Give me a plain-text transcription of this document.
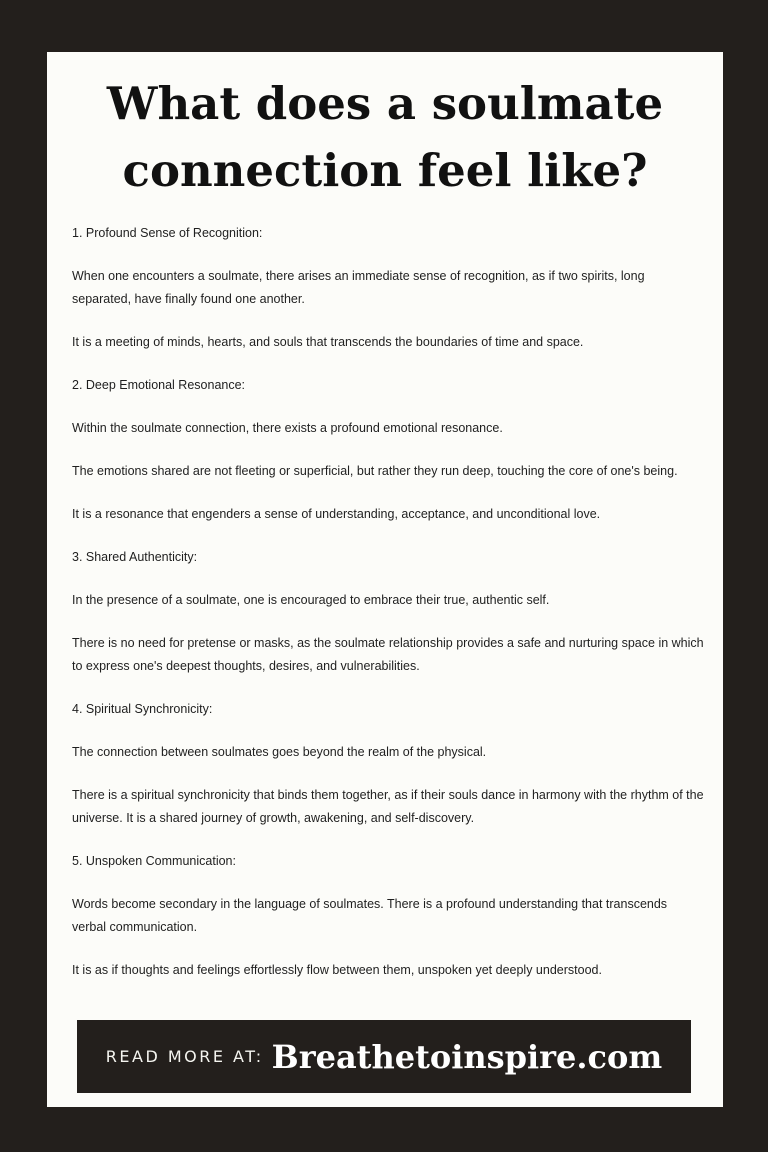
What does a soulmate
connection feel like?

1. Profound Sense of Recognition:

When one encounters a soulmate, there arises an immediate sense of recognition, as if two spirits, long separated, have finally found one another.

It is a meeting of minds, hearts, and souls that transcends the boundaries of time and space.

2. Deep Emotional Resonance:

Within the soulmate connection, there exists a profound emotional resonance.

The emotions shared are not fleeting or superficial, but rather they run deep, touching the core of one's being.

It is a resonance that engenders a sense of understanding, acceptance, and unconditional love.

3. Shared Authenticity:

In the presence of a soulmate, one is encouraged to embrace their true, authentic self.

There is no need for pretense or masks, as the soulmate relationship provides a safe and nurturing space in which to express one's deepest thoughts, desires, and vulnerabilities.

4. Spiritual Synchronicity:

The connection between soulmates goes beyond the realm of the physical.

There is a spiritual synchronicity that binds them together, as if their souls dance in harmony with the rhythm of the universe. It is a shared journey of growth, awakening, and self-discovery.

5. Unspoken Communication:

Words become secondary in the language of soulmates. There is a profound understanding that transcends verbal communication.

It is as if thoughts and feelings effortlessly flow between them, unspoken yet deeply understood.

READ MORE AT: Breathetoinspire.com
